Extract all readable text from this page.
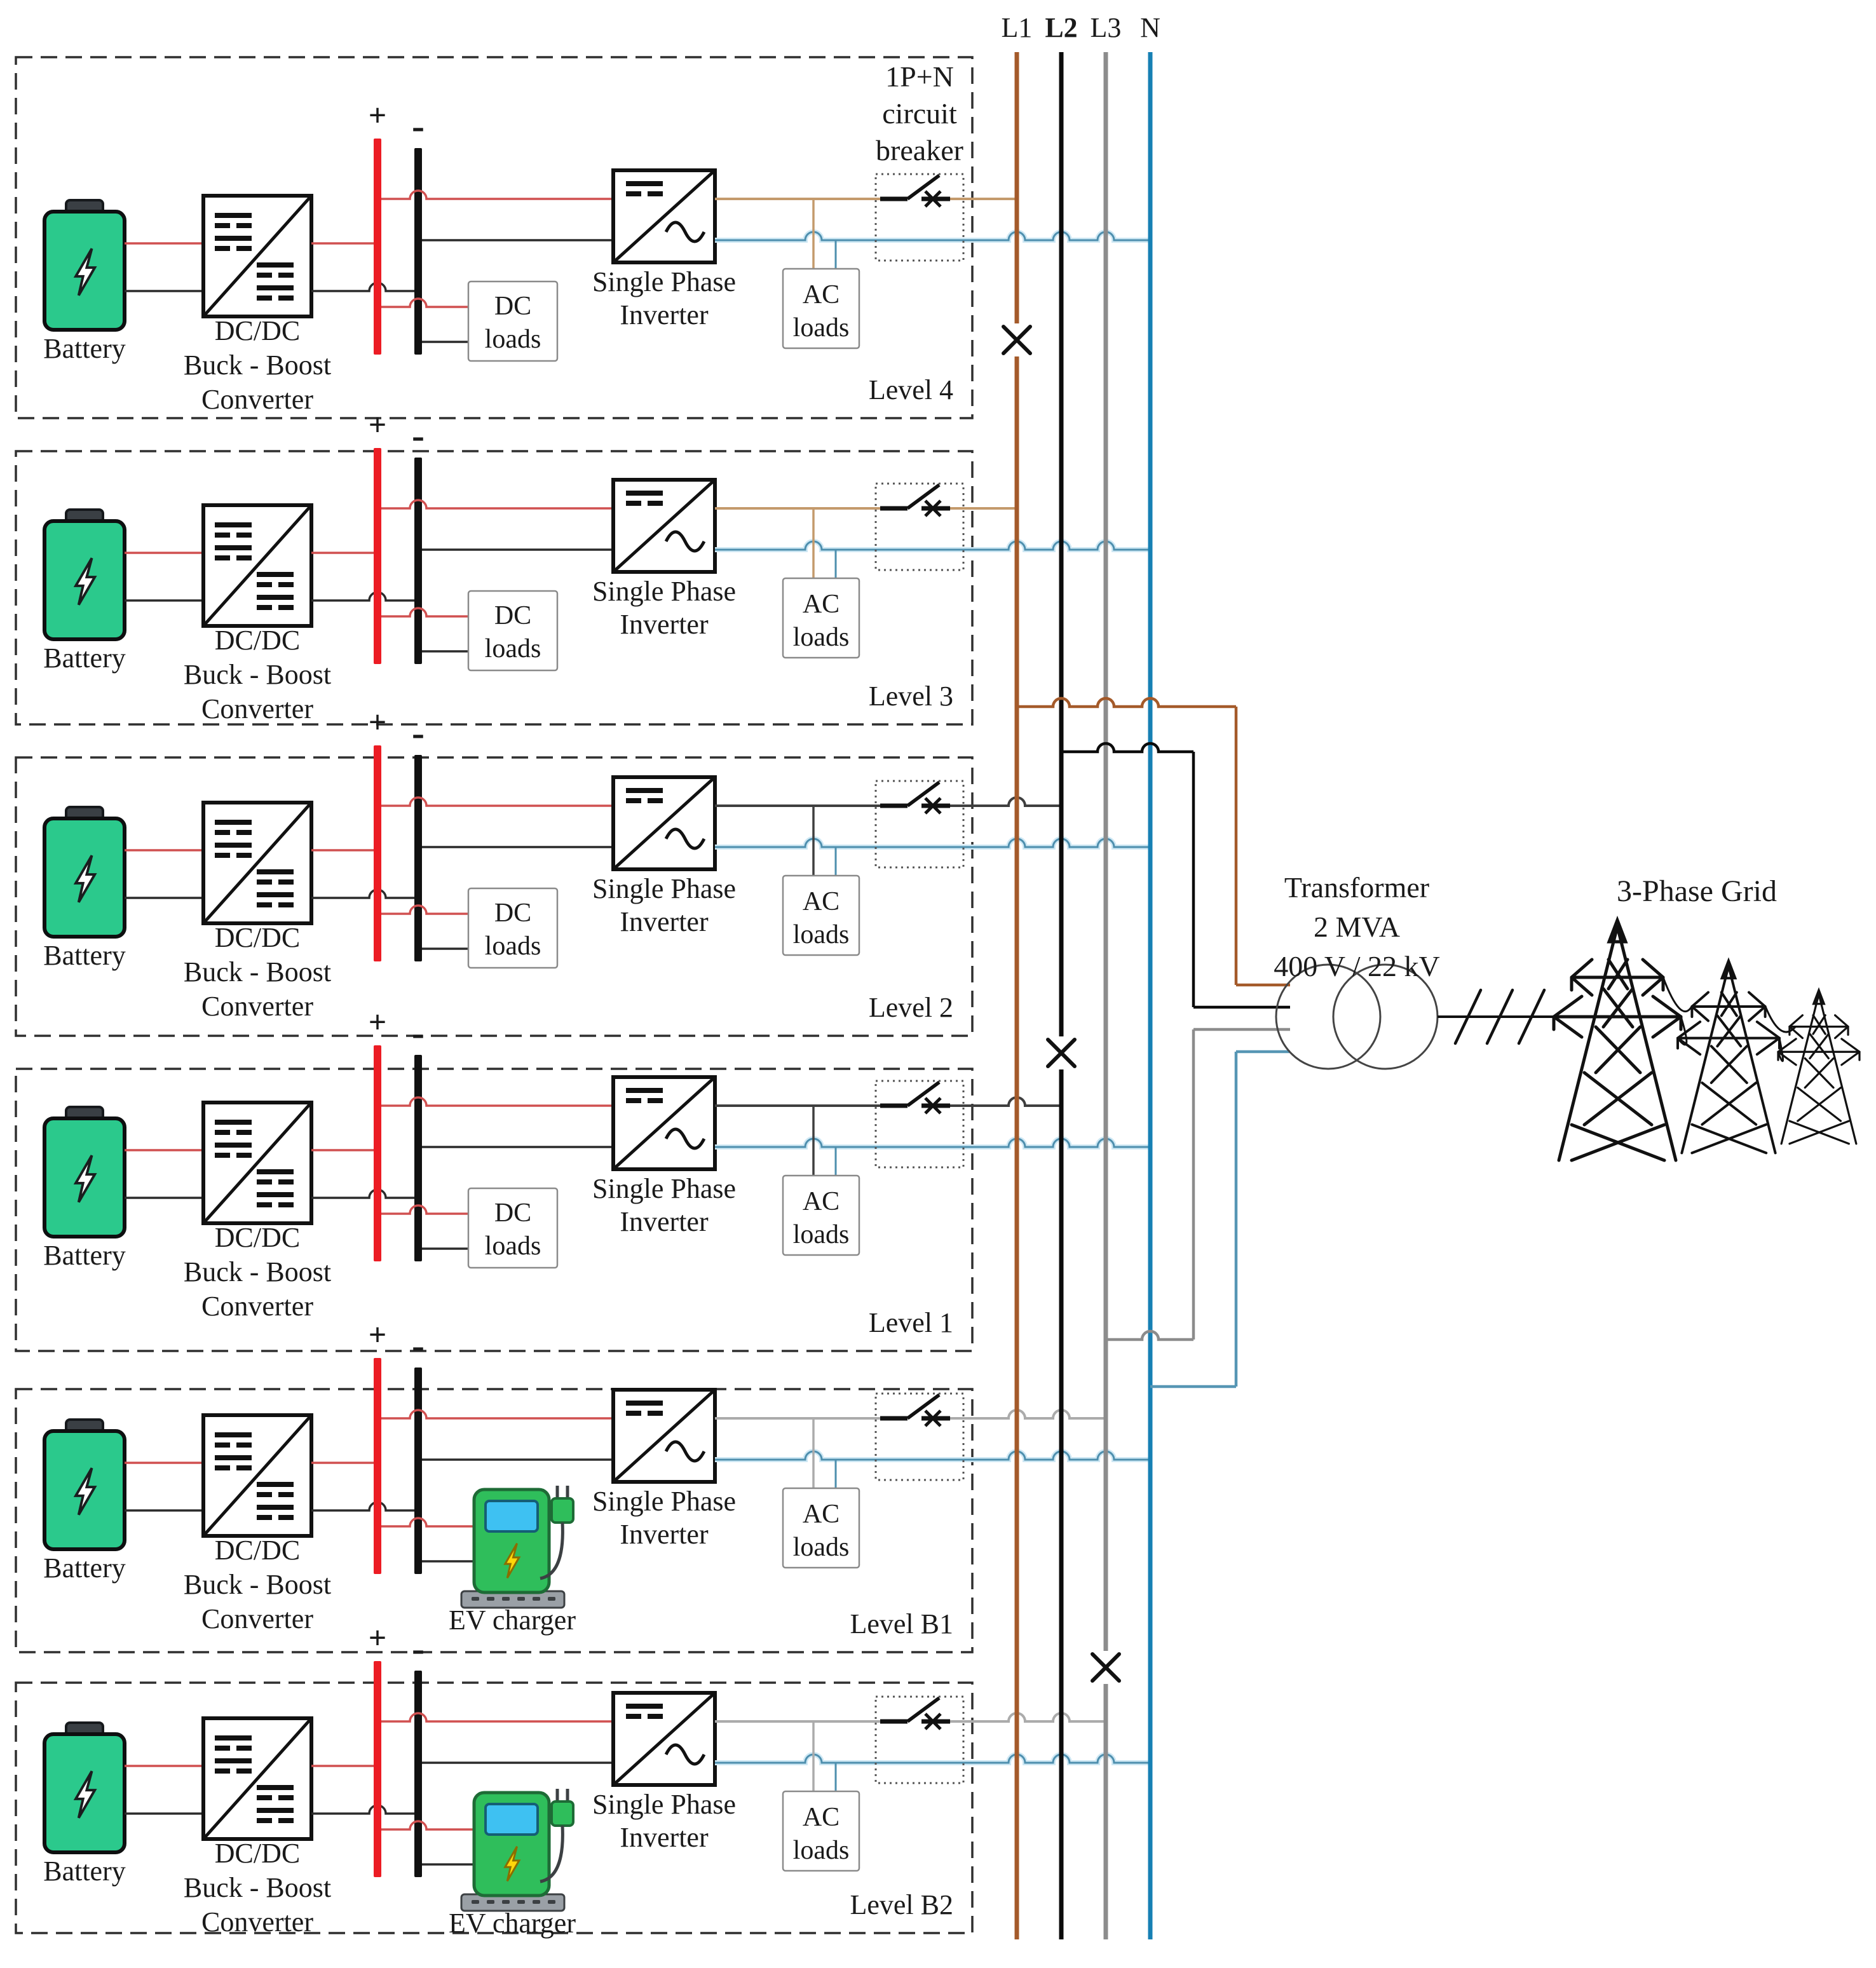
Level 4
Battery
DC/DC
Buck - Boost
Converter
+ -
DC
loads
Single Phase
Inverter
AC
loads
1P+N
circuit
breaker
Level 3
Battery
DC/DC
Buck - Boost
Converter
+ -
DC
loads
Single Phase
Inverter
AC
loads
Level 2
Battery
DC/DC
Buck - Boost
Converter
+ -
DC
loads
Single Phase
Inverter
AC
loads
Level 1
Battery
DC/DC
Buck - Boost
Converter
+ -
DC
loads
Single Phase
Inverter
AC
loads
Level B1
Battery
DC/DC
Buck - Boost
Converter
+ -
EV charger
Single Phase
Inverter
AC
loads
Level B2
Battery
DC/DC
Buck - Boost
Converter
+ -
EV charger
Single Phase
Inverter
AC
loads
L1 L2 L3 N
Transformer
2 MVA
400 V / 22 kV
3-Phase Grid
